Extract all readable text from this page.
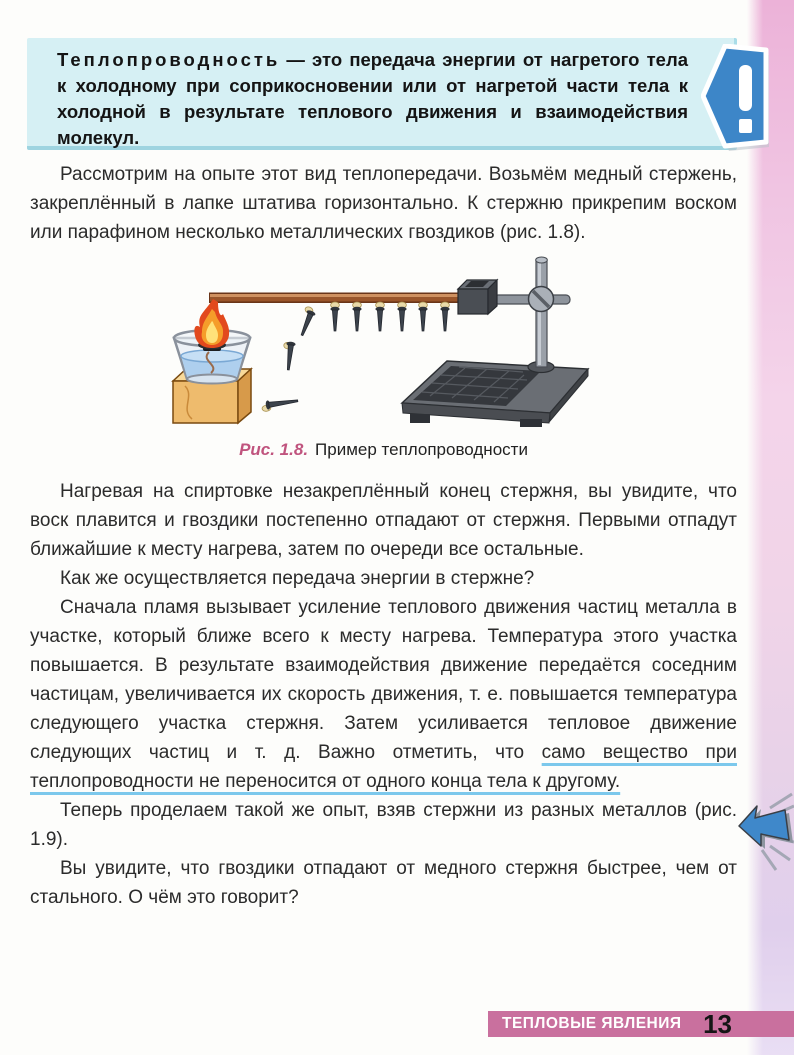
Теплопроводность — это передача энергии от нагретого тела к холодному при соприкосновении или от нагретой части тела к холодной в результате теплового движения и взаимодействия молекул.

Рассмотрим на опыте этот вид теплопередачи. Возьмём медный стержень, закреплённый в лапке штатива горизонтально. К стержню прикрепим воском или парафином несколько металлических гвоздиков (рис. 1.8).

Рис. 1.8. Пример теплопроводности

Нагревая на спиртовке незакреплённый конец стержня, вы увидите, что воск плавится и гвоздики постепенно отпадают от стержня. Первыми отпадут ближайшие к месту нагрева, затем по очереди все остальные.

Как же осуществляется передача энергии в стержне?

Сначала пламя вызывает усиление теплового движения частиц металла в участке, который ближе всего к месту нагрева. Температура этого участка повышается. В результате взаимодействия движение передаётся соседним частицам, увеличивается их скорость движения, т. е. повышается температура следующего участка стержня. Затем усиливается тепловое движение следующих частиц и т. д. Важно отметить, что само вещество при теплопроводности не переносится от одного конца тела к другому.

Теперь проделаем такой же опыт, взяв стержни из разных металлов (рис. 1.9).

Вы увидите, что гвоздики отпадают от медного стержня быстрее, чем от стального. О чём это говорит?

ТЕПЛОВЫЕ ЯВЛЕНИЯ 13
